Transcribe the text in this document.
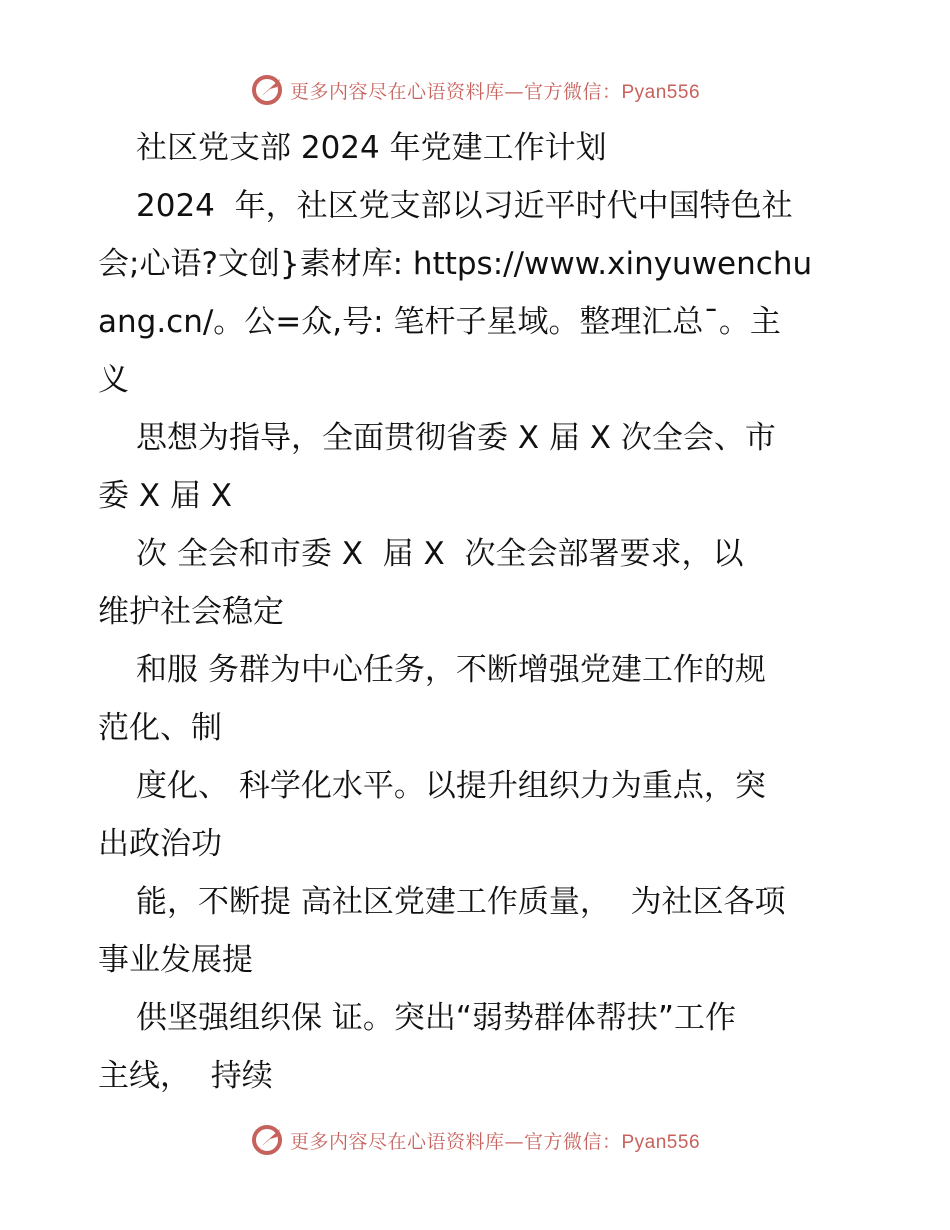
更多内容尽在心语资料库—官方微信：Pyan556
社区党支部 2024 年党建工作计划
2024  年，社区党支部以习近平时代中国特色社
会;心语?文创}素材库: https://www.xinyuwenchu
ang.cn/。公=众,号: 笔杆子星域。整理汇总¯。主
义
思想为指导，全面贯彻省委 X 届 X 次全会、市
委 X 届 X
次 全会和市委 X  届 X  次全会部署要求，以
维护社会稳定
和服 务群为中心任务，不断增强党建工作的规
范化、制
度化、 科学化水平。以提升组织力为重点，突
出政治功
能，不断提 高社区党建工作质量，  为社区各项
事业发展提
供坚强组织保 证。突出“弱势群体帮扶”工作
主线，  持续
更多内容尽在心语资料库—官方微信：Pyan556
